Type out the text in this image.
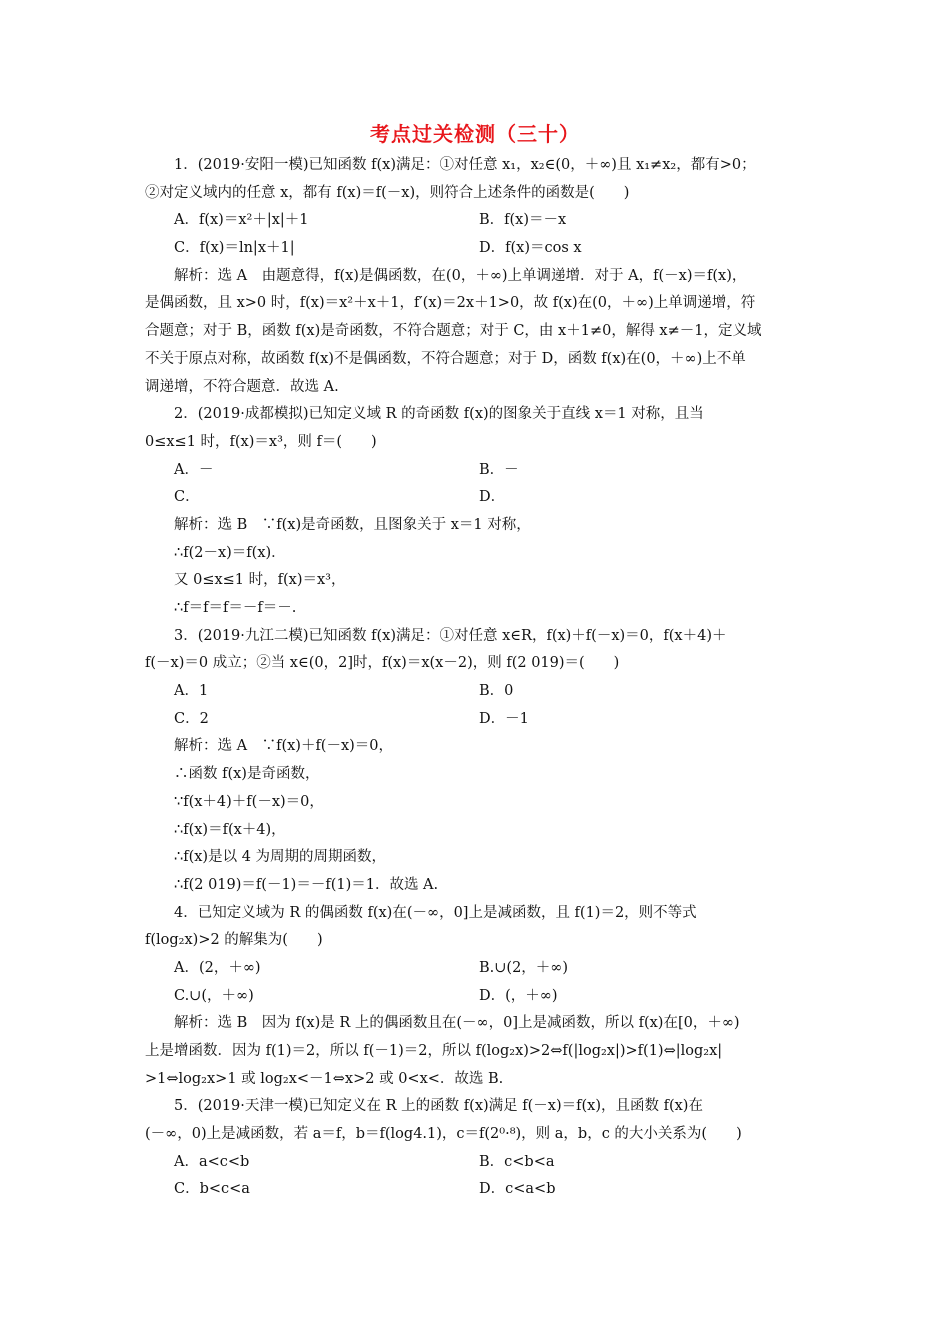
考点过关检测（三十）
1．(2019·安阳一模)已知函数 f(x)满足：①对任意 x₁，x₂∈(0，＋∞)且 x₁≠x₂，都有>0；
②对定义域内的任意 x，都有 f(x)＝f(－x)，则符合上述条件的函数是(　　)
A．f(x)＝x²＋|x|＋1	B．f(x)＝－x
C．f(x)＝ln|x＋1|	D．f(x)＝cos x
解析：选 A　由题意得，f(x)是偶函数，在(0，＋∞)上单调递增．对于 A，f(－x)＝f(x)，
是偶函数，且 x>0 时，f(x)＝x²＋x＋1，f′(x)＝2x＋1>0，故 f(x)在(0，＋∞)上单调递增，符
合题意；对于 B，函数 f(x)是奇函数，不符合题意；对于 C，由 x＋1≠0，解得 x≠－1，定义域
不关于原点对称，故函数 f(x)不是偶函数，不符合题意；对于 D，函数 f(x)在(0，＋∞)上不单
调递增，不符合题意．故选 A.
2．(2019·成都模拟)已知定义域 R 的奇函数 f(x)的图象关于直线 x＝1 对称，且当
0≤x≤1 时，f(x)＝x³，则 f＝(　　)
A．－	B．－
C．	D．
解析：选 B　∵f(x)是奇函数，且图象关于 x＝1 对称，
∴f(2－x)＝f(x)．
又 0≤x≤1 时，f(x)＝x³，
∴f＝f＝f＝－f＝－.
3．(2019·九江二模)已知函数 f(x)满足：①对任意 x∈R，f(x)＋f(－x)＝0，f(x＋4)＋
f(－x)＝0 成立；②当 x∈(0，2]时，f(x)＝x(x－2)，则 f(2 019)＝(　　)
A．1	B．0
C．2	D．－1
解析：选 A　∵f(x)＋f(－x)＝0，
∴函数 f(x)是奇函数，
∵f(x＋4)＋f(－x)＝0，
∴f(x)＝f(x＋4)，
∴f(x)是以 4 为周期的周期函数，
∴f(2 019)＝f(－1)＝－f(1)＝1．故选 A.
4．已知定义域为 R 的偶函数 f(x)在(－∞，0]上是减函数，且 f(1)＝2，则不等式
f(log₂x)>2 的解集为(　　)
A．(2，＋∞)	B.∪(2，＋∞)
C.∪(，＋∞)	D．(，＋∞)
解析：选 B　因为 f(x)是 R 上的偶函数且在(－∞，0]上是减函数，所以 f(x)在[0，＋∞)
上是增函数．因为 f(1)＝2，所以 f(－1)＝2，所以 f(log₂x)>2⇔f(|log₂x|)>f(1)⇔|log₂x|
>1⇔log₂x>1 或 log₂x<－1⇔x>2 或 0<x<．故选 B.
5．(2019·天津一模)已知定义在 R 上的函数 f(x)满足 f(－x)＝f(x)，且函数 f(x)在
(－∞，0)上是减函数，若 a＝f，b＝f(log4.1)，c＝f(2⁰·⁸)，则 a，b，c 的大小关系为(　　)
A．a<c<b	B．c<b<a
C．b<c<a	D．c<a<b
